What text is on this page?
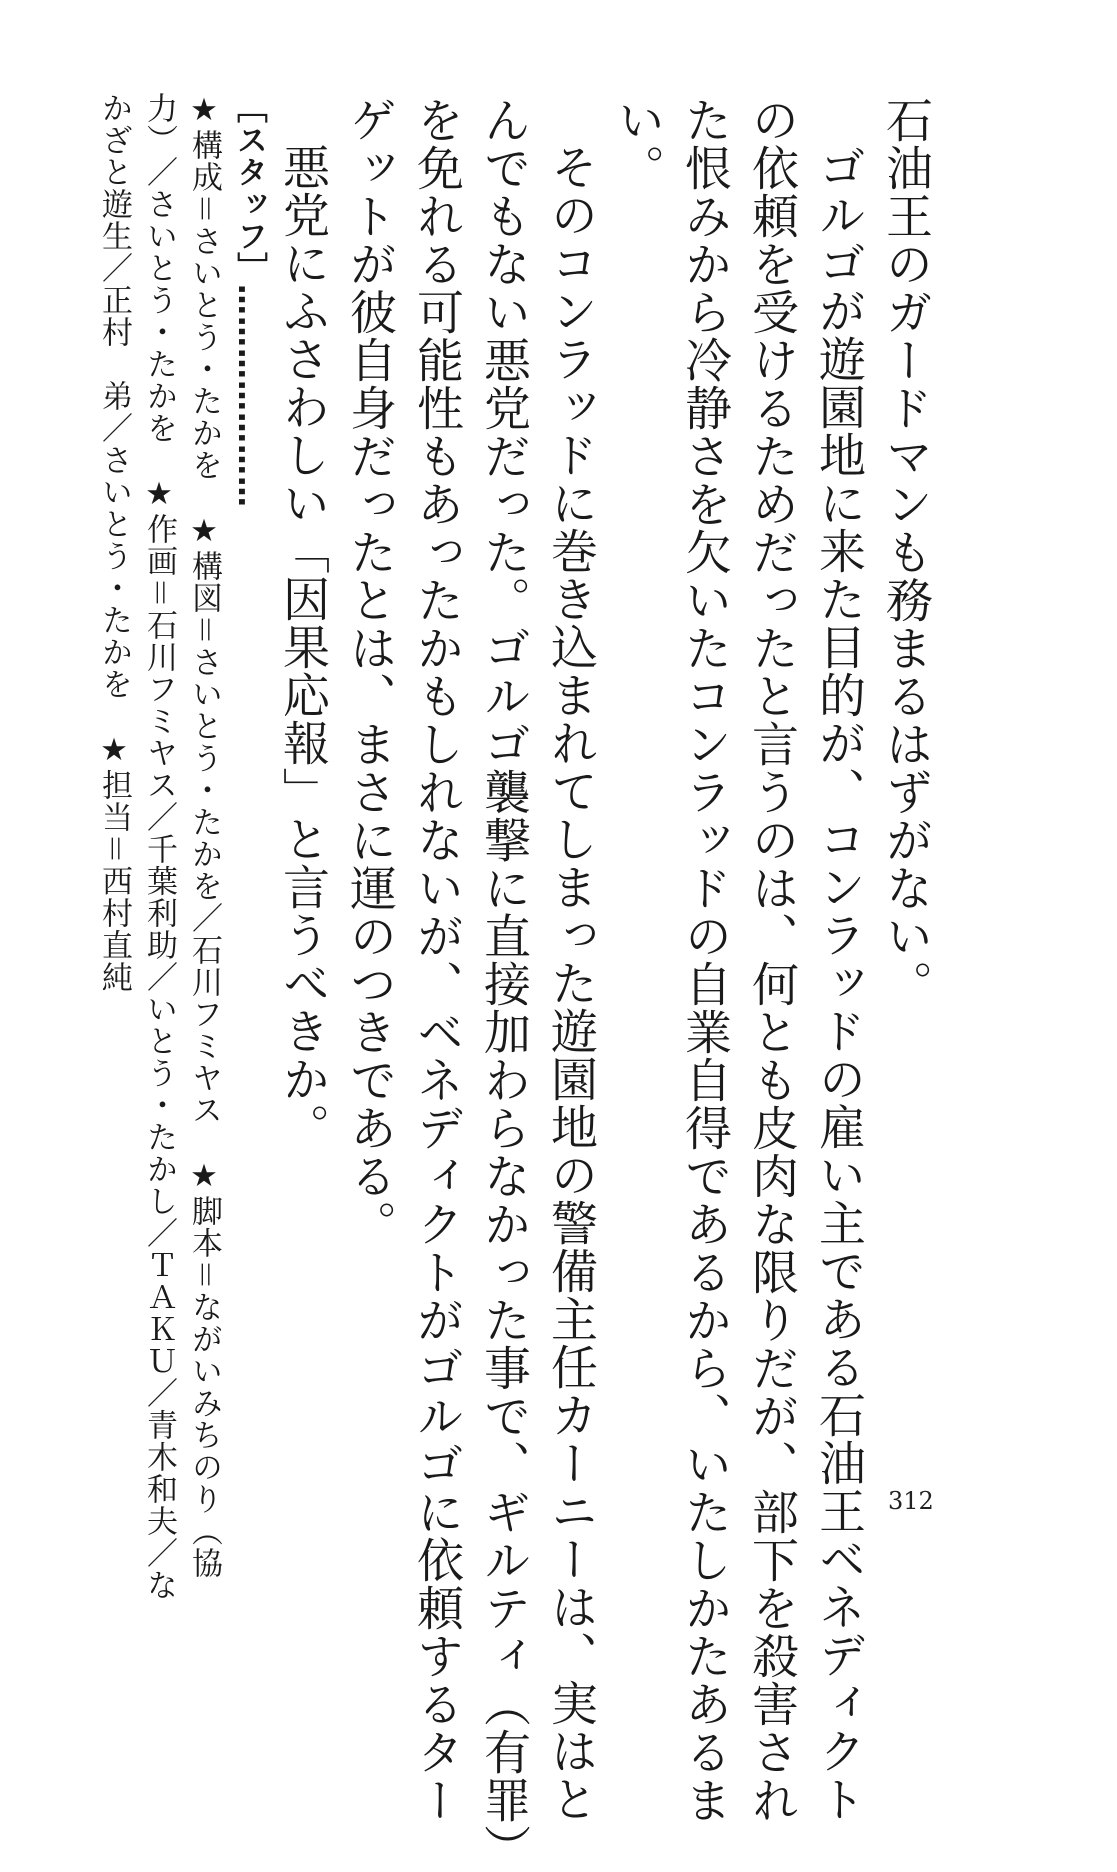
石油王のガードマンも務まるはずがない。

ゴルゴが遊園地に来た目的が、コンラッドの雇い主である石油王ベネディクト

の依頼を受けるためだったと言うのは、何とも皮肉な限りだが、部下を殺害され

た恨みから冷静さを欠いたコンラッドの自業自得であるから、いたしかたあるま

い。

そのコンラッドに巻き込まれてしまった遊園地の警備主任カーニーは、実はと

んでもない悪党だった。ゴルゴ襲撃に直接加わらなかった事で、ギルティ（有罪）

を免れる可能性もあったかもしれないが、ベネディクトがゴルゴに依頼するター

ゲットが彼自身だったとは、まさに運のつきである。

悪党にふさわしい「因果応報」と言うべきか。

［スタッフ］…………………

★構成＝さいとう・たかを　★構図＝さいとう・たかを／石川フミヤス　★脚本＝ながいみちのり（協

力）／さいとう・たかを　★作画＝石川フミヤス／千葉利助／いとう・たかし／ＴＡＫＵ／青木和夫／な

かざと遊生／正村　弟／さいとう・たかを　★担当＝西村直純

312
